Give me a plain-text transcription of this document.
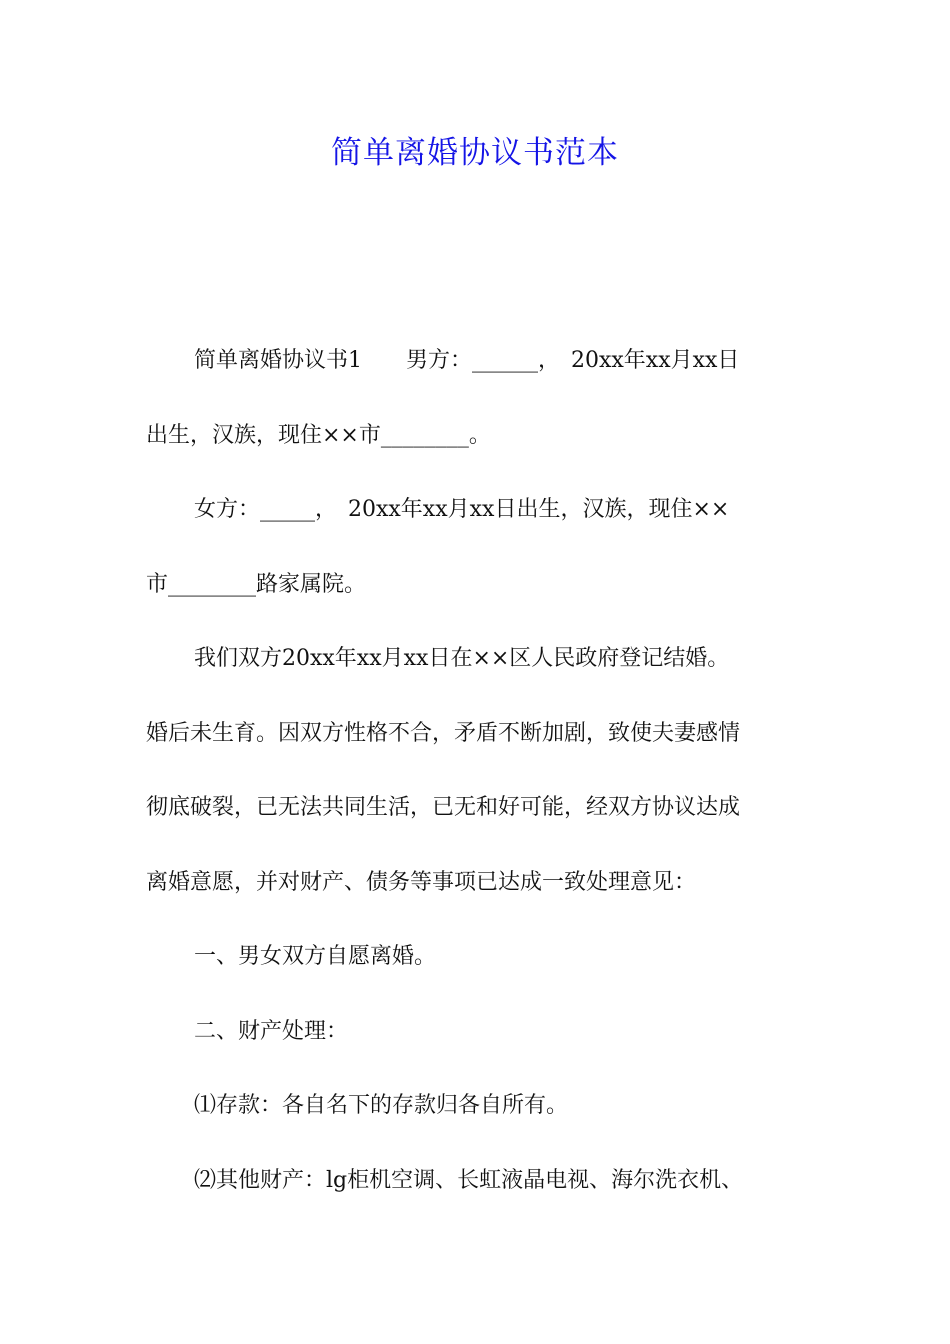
简单离婚协议书范本
简单离婚协议书1　　男方：______，　20xx年xx月xx日
出生，汉族，现住××市________。
女方：_____，　20xx年xx月xx日出生，汉族，现住××
市________路家属院。
我们双方20xx年xx月xx日在××区人民政府登记结婚。
婚后未生育。因双方性格不合，矛盾不断加剧，致使夫妻感情
彻底破裂，已无法共同生活，已无和好可能，经双方协议达成
离婚意愿，并对财产、债务等事项已达成一致处理意见：
一、男女双方自愿离婚。
二、财产处理：
⑴存款：各自名下的存款归各自所有。
⑵其他财产：lg柜机空调、长虹液晶电视、海尔洗衣机、
